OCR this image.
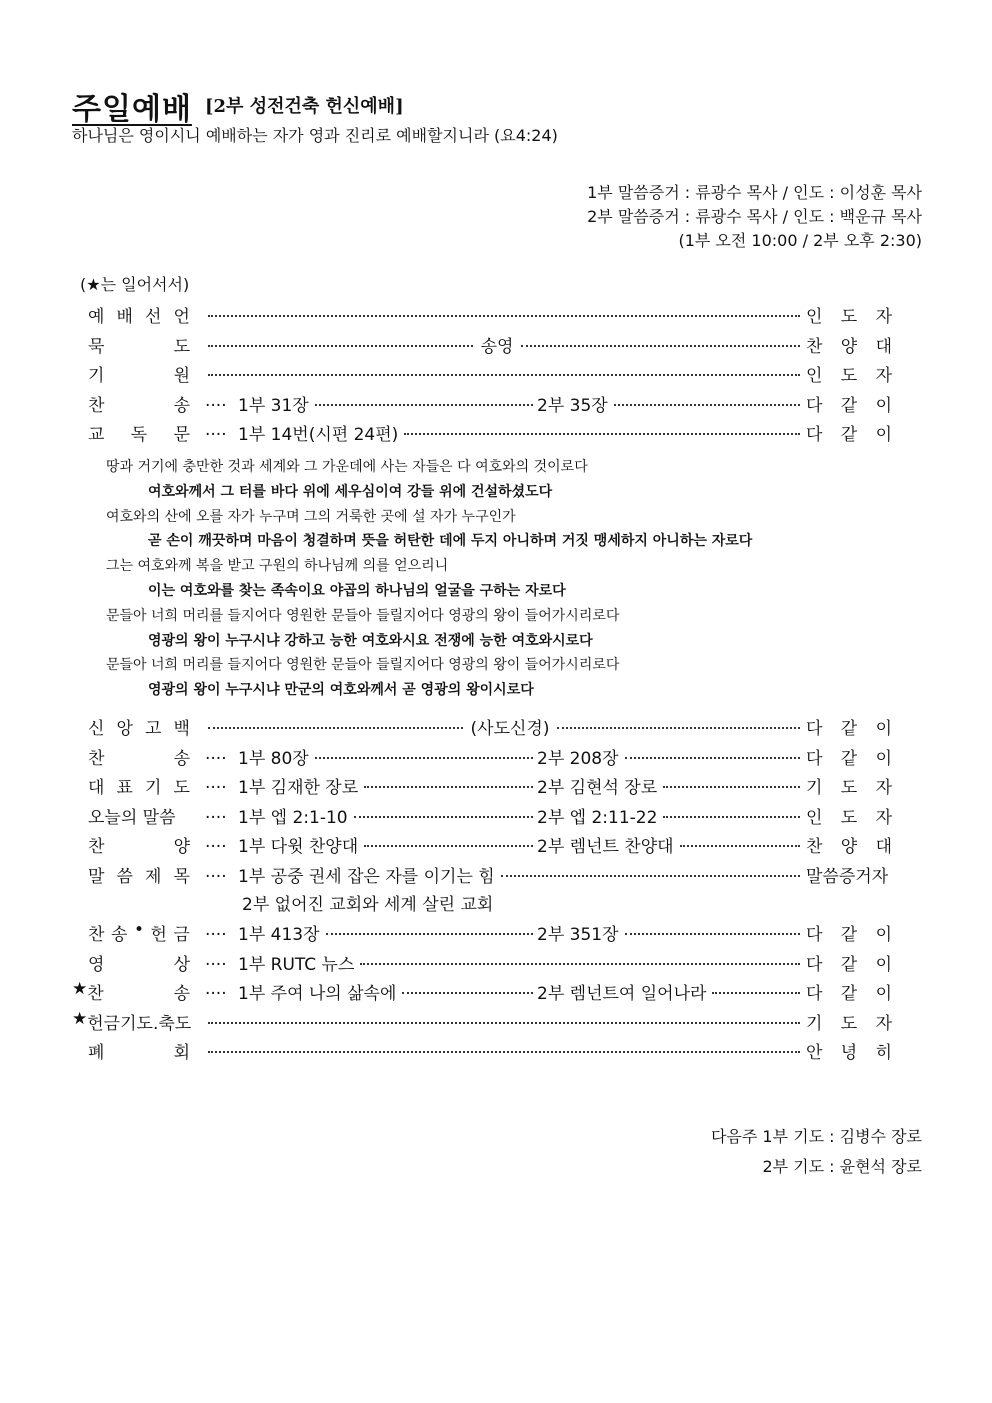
주일예배 [2부 성전건축 헌신예배]
하나님은 영이시니 예배하는 자가 영과 진리로 예배할지니라 (요4:24)
1부 말씀증거 : 류광수 목사 / 인도 : 이성훈 목사
2부 말씀증거 : 류광수 목사 / 인도 : 백운규 목사
(1부 오전 10:00 / 2부 오후 2:30)
(★는 일어서서)
예 배 선 언	인 도 자
묵	도	송영	찬 양 대
기	원	인 도 자
찬	송 .... 1부 31장	2부 35장	다 같 이
교 독 문 .... 1부 14번(시편 24편)	다 같 이
땅과 거기에 충만한 것과 세계와 그 가운데에 사는 자들은 다 여호와의 것이로다
여호와께서 그 터를 바다 위에 세우심이여 강들 위에 건설하셨도다
여호와의 산에 오를 자가 누구며 그의 거룩한 곳에 설 자가 누구인가
곧 손이 깨끗하며 마음이 청결하며 뜻을 허탄한 데에 두지 아니하며 거짓 맹세하지 아니하는 자로다
그는 여호와께 복을 받고 구원의 하나님께 의를 얻으리니
이는 여호와를 찾는 족속이요 야곱의 하나님의 얼굴을 구하는 자로다
문들아 너희 머리를 들지어다 영원한 문들아 들릴지어다 영광의 왕이 들어가시리로다
영광의 왕이 누구시냐 강하고 능한 여호와시요 전쟁에 능한 여호와시로다
문들아 너희 머리를 들지어다 영원한 문들아 들릴지어다 영광의 왕이 들어가시리로다
영광의 왕이 누구시냐 만군의 여호와께서 곧 영광의 왕이시로다
신 앙 고 백	(사도신경)	다 같 이
찬	송 .... 1부 80장	2부 208장	다 같 이
대 표 기 도 .... 1부 김재한 장로	2부 김현석 장로	기 도 자
오늘의 말씀 .... 1부 엡 2:1-10	2부 엡 2:11-22	인 도 자
찬	양 .... 1부 다윗 찬양대	2부 렘넌트 찬양대	찬 양 대
말 씀 제 목 .... 1부 공중 권세 잡은 자를 이기는 힘	말씀증거자
2부 없어진 교회와 세계 살린 교회
찬 송 • 헌 금 .... 1부 413장	2부 351장	다 같 이
영	상 .... 1부 RUTC 뉴스	다 같 이
★ 찬	송 .... 1부 주여 나의 삶속에	2부 렘넌트여 일어나라	다 같 이
★ 헌금기도.축도	기 도 자
폐	회	안 녕 히
다음주 1부 기도 : 김병수 장로
2부 기도 : 윤현석 장로
